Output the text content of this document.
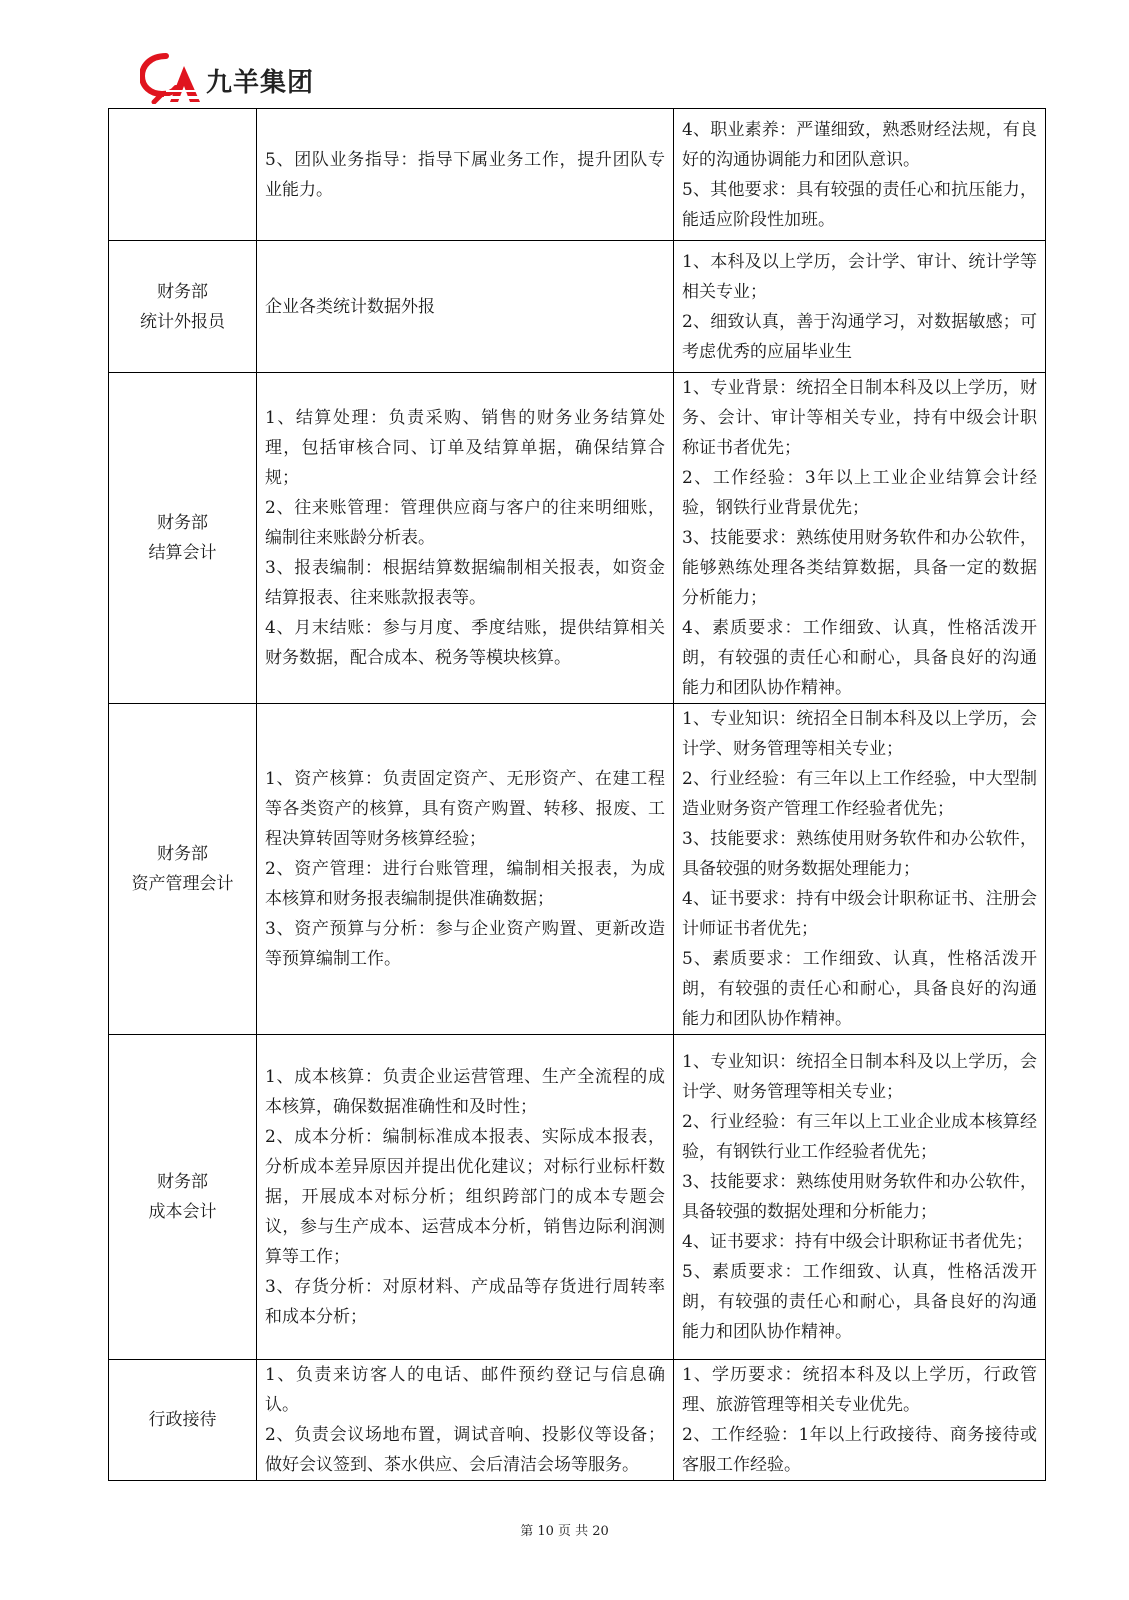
九羊集团

	5、团队业务指导：指导下属业务工作，提升团队专业能力。	4、职业素养：严谨细致，熟悉财经法规，有良好的沟通协调能力和团队意识。
5、其他要求：具有较强的责任心和抗压能力，能适应阶段性加班。

财务部
统计外报员	企业各类统计数据外报	1、本科及以上学历，会计学、审计、统计学等相关专业；
2、细致认真，善于沟通学习，对数据敏感；可考虑优秀的应届毕业生

财务部
结算会计	1、结算处理：负责采购、销售的财务业务结算处理，包括审核合同、订单及结算单据，确保结算合规；
2、往来账管理：管理供应商与客户的往来明细账，编制往来账龄分析表。
3、报表编制：根据结算数据编制相关报表，如资金结算报表、往来账款报表等。
4、月末结账：参与月度、季度结账，提供结算相关财务数据，配合成本、税务等模块核算。	1、专业背景：统招全日制本科及以上学历，财务、会计、审计等相关专业，持有中级会计职称证书者优先；
2、工作经验：3年以上工业企业结算会计经验，钢铁行业背景优先；
3、技能要求：熟练使用财务软件和办公软件，能够熟练处理各类结算数据，具备一定的数据分析能力；
4、素质要求：工作细致、认真，性格活泼开朗，有较强的责任心和耐心，具备良好的沟通能力和团队协作精神。

财务部
资产管理会计	1、资产核算：负责固定资产、无形资产、在建工程等各类资产的核算，具有资产购置、转移、报废、工程决算转固等财务核算经验；
2、资产管理：进行台账管理，编制相关报表，为成本核算和财务报表编制提供准确数据；
3、资产预算与分析：参与企业资产购置、更新改造等预算编制工作。	1、专业知识：统招全日制本科及以上学历，会计学、财务管理等相关专业；
2、行业经验：有三年以上工作经验，中大型制造业财务资产管理工作经验者优先；
3、技能要求：熟练使用财务软件和办公软件，具备较强的财务数据处理能力；
4、证书要求：持有中级会计职称证书、注册会计师证书者优先；
5、素质要求：工作细致、认真，性格活泼开朗，有较强的责任心和耐心，具备良好的沟通能力和团队协作精神。

财务部
成本会计	1、成本核算：负责企业运营管理、生产全流程的成本核算，确保数据准确性和及时性；
2、成本分析：编制标准成本报表、实际成本报表，分析成本差异原因并提出优化建议；对标行业标杆数据，开展成本对标分析；组织跨部门的成本专题会议，参与生产成本、运营成本分析，销售边际利润测算等工作；
3、存货分析：对原材料、产成品等存货进行周转率和成本分析；	1、专业知识：统招全日制本科及以上学历，会计学、财务管理等相关专业；
2、行业经验：有三年以上工业企业成本核算经验，有钢铁行业工作经验者优先；
3、技能要求：熟练使用财务软件和办公软件，具备较强的数据处理和分析能力；
4、证书要求：持有中级会计职称证书者优先；
5、素质要求：工作细致、认真，性格活泼开朗，有较强的责任心和耐心，具备良好的沟通能力和团队协作精神。

行政接待	1、负责来访客人的电话、邮件预约登记与信息确认。
2、负责会议场地布置，调试音响、投影仪等设备；做好会议签到、茶水供应、会后清洁会场等服务。	1、学历要求：统招本科及以上学历，行政管理、旅游管理等相关专业优先。
2、工作经验：1年以上行政接待、商务接待或客服工作经验。
第 10 页 共 20
